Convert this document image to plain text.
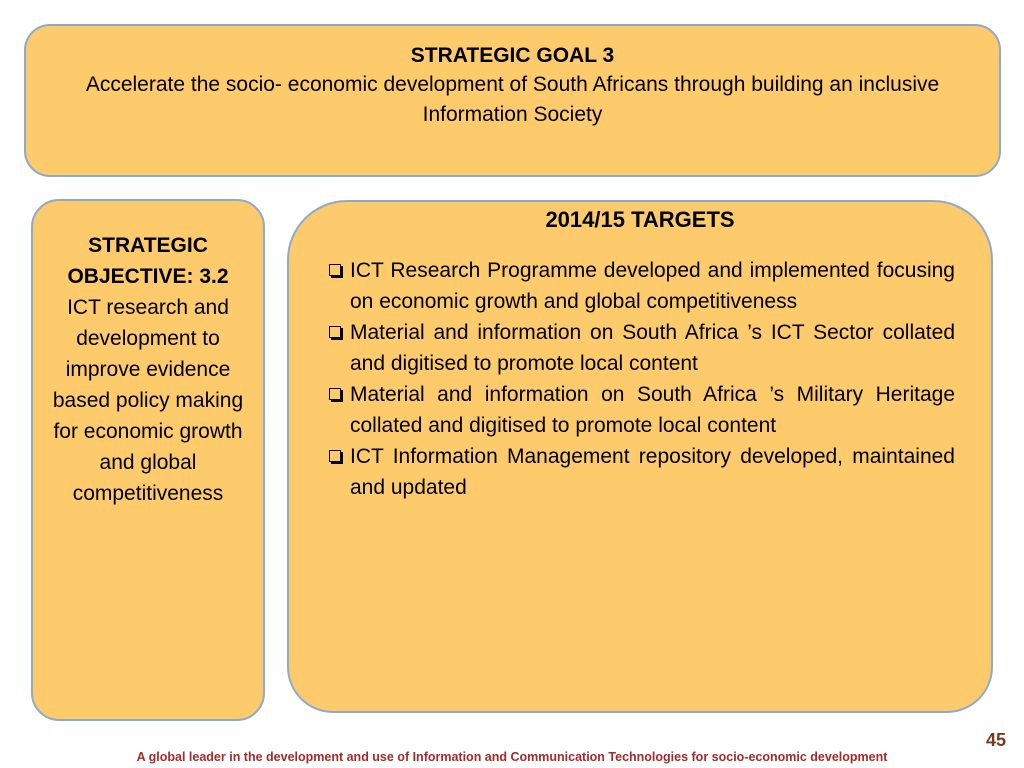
STRATEGIC GOAL 3
Accelerate the socio- economic development of South Africans through building an inclusive Information Society
STRATEGIC OBJECTIVE: 3.2
ICT research and development to improve evidence based policy making for economic growth and global competitiveness
2014/15 TARGETS
ICT Research Programme developed and implemented focusing on economic growth and global competitiveness
Material and information on South Africa ’s ICT Sector collated and digitised to promote local content
Material and information on South Africa ’s Military Heritage collated and digitised to promote local content
ICT Information Management repository developed, maintained and updated
45
A global leader in the development and use of Information and Communication Technologies for socio-economic development
